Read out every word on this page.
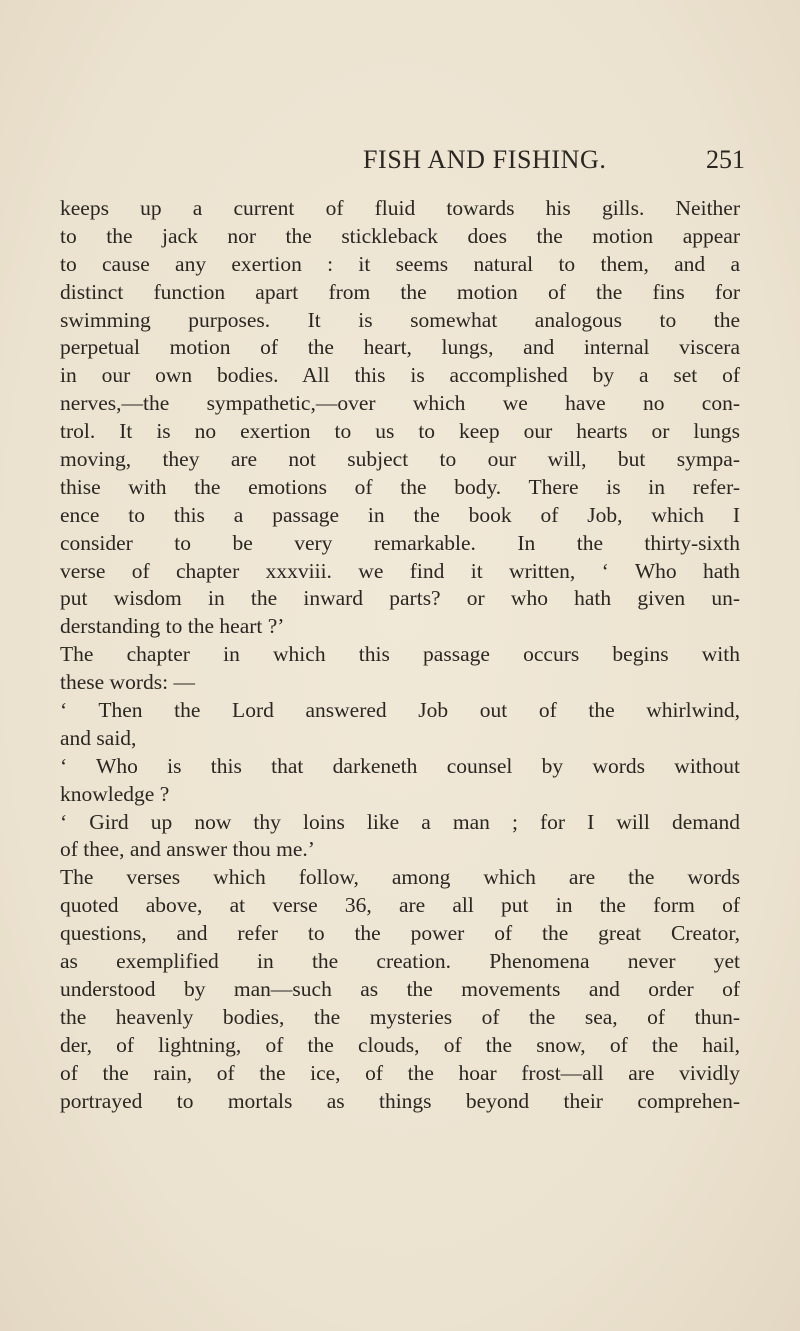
FISH AND FISHING.	251
keeps up a current of fluid towards his gills. Neither
to the jack nor the stickleback does the motion appear
to cause any exertion : it seems natural to them, and a
distinct function apart from the motion of the fins for
swimming purposes. It is somewhat analogous to the
perpetual motion of the heart, lungs, and internal viscera
in our own bodies. All this is accomplished by a set of
nerves,—the sympathetic,—over which we have no con-
trol. It is no exertion to us to keep our hearts or lungs
moving, they are not subject to our will, but sympa-
thise with the emotions of the body. There is in refer-
ence to this a passage in the book of Job, which I
consider to be very remarkable. In the thirty-sixth
verse of chapter xxxviii. we find it written, ‘ Who hath
put wisdom in the inward parts? or who hath given un-
derstanding to the heart ?’
The chapter in which this passage occurs begins with
these words: —
‘ Then the Lord answered Job out of the whirlwind,
and said,
‘ Who is this that darkeneth counsel by words without
knowledge ?
‘ Gird up now thy loins like a man ; for I will demand
of thee, and answer thou me.’
The verses which follow, among which are the words
quoted above, at verse 36, are all put in the form of
questions, and refer to the power of the great Creator,
as exemplified in the creation. Phenomena never yet
understood by man—such as the movements and order of
the heavenly bodies, the mysteries of the sea, of thun-
der, of lightning, of the clouds, of the snow, of the hail,
of the rain, of the ice, of the hoar frost—all are vividly
portrayed to mortals as things beyond their comprehen-
